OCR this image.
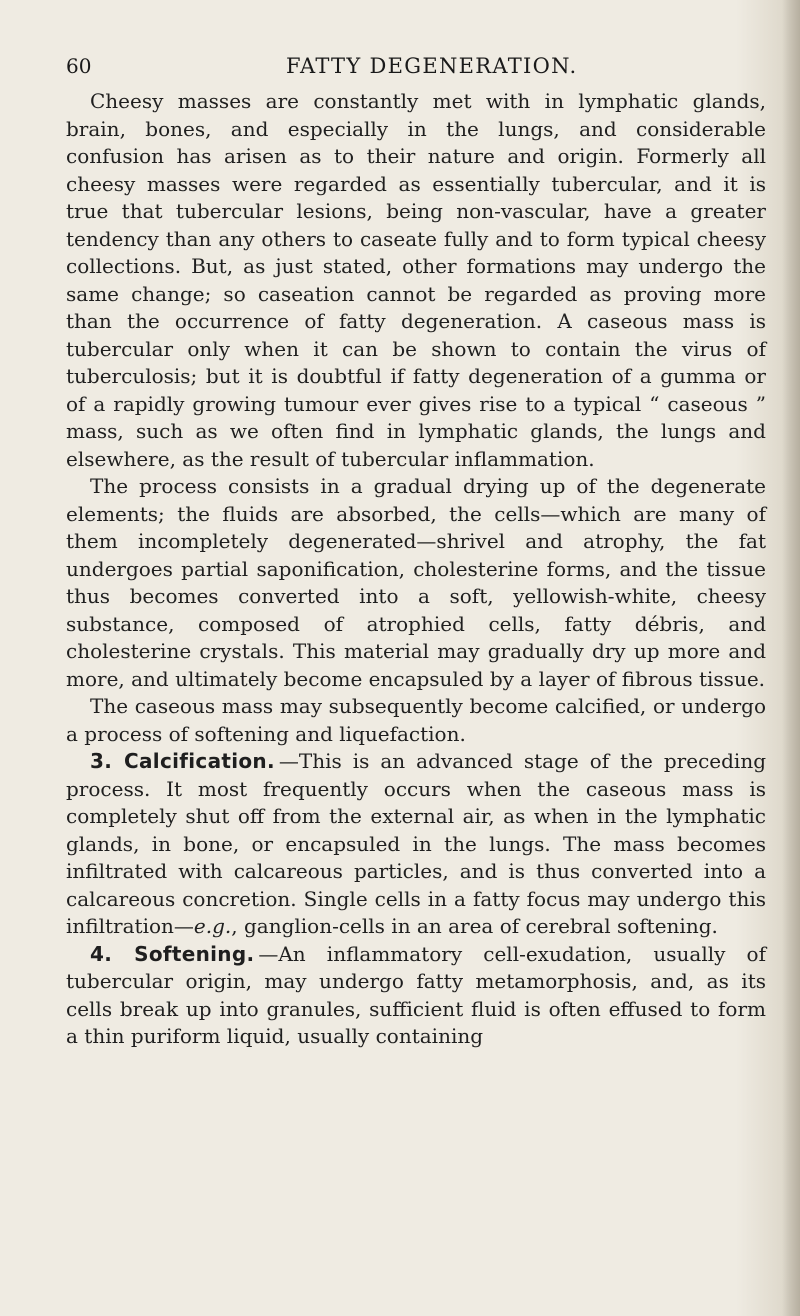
60	FATTY DEGENERATION.

Cheesy masses are constantly met with in lymphatic glands, brain, bones, and especially in the lungs, and considerable confusion has arisen as to their nature and origin. Formerly all cheesy masses were regarded as essentially tubercular, and it is true that tubercular lesions, being non-vascular, have a greater tendency than any others to caseate fully and to form typical cheesy collections. But, as just stated, other formations may undergo the same change; so caseation cannot be regarded as proving more than the occurrence of fatty degeneration. A caseous mass is tubercular only when it can be shown to contain the virus of tuberculosis; but it is doubtful if fatty degeneration of a gumma or of a rapidly growing tumour ever gives rise to a typical “ caseous ” mass, such as we often find in lymphatic glands, the lungs and elsewhere, as the result of tubercular inflammation.

The process consists in a gradual drying up of the degenerate elements; the fluids are absorbed, the cells—which are many of them incompletely degenerated—shrivel and atrophy, the fat undergoes partial saponification, cholesterine forms, and the tissue thus becomes converted into a soft, yellowish-white, cheesy substance, composed of atrophied cells, fatty débris, and cholesterine crystals. This material may gradually dry up more and more, and ultimately become encapsuled by a layer of fibrous tissue.

The caseous mass may subsequently become calcified, or undergo a process of softening and liquefaction.

3. Calcification. —This is an advanced stage of the preceding process. It most frequently occurs when the caseous mass is completely shut off from the external air, as when in the lymphatic glands, in bone, or encapsuled in the lungs. The mass becomes infiltrated with calcareous particles, and is thus converted into a calcareous concretion. Single cells in a fatty focus may undergo this infiltration—e.g., ganglion-cells in an area of cerebral softening.

4. Softening. —An inflammatory cell-exudation, usually of tubercular origin, may undergo fatty metamorphosis, and, as its cells break up into granules, sufficient fluid is often effused to form a thin puriform liquid, usually containing
